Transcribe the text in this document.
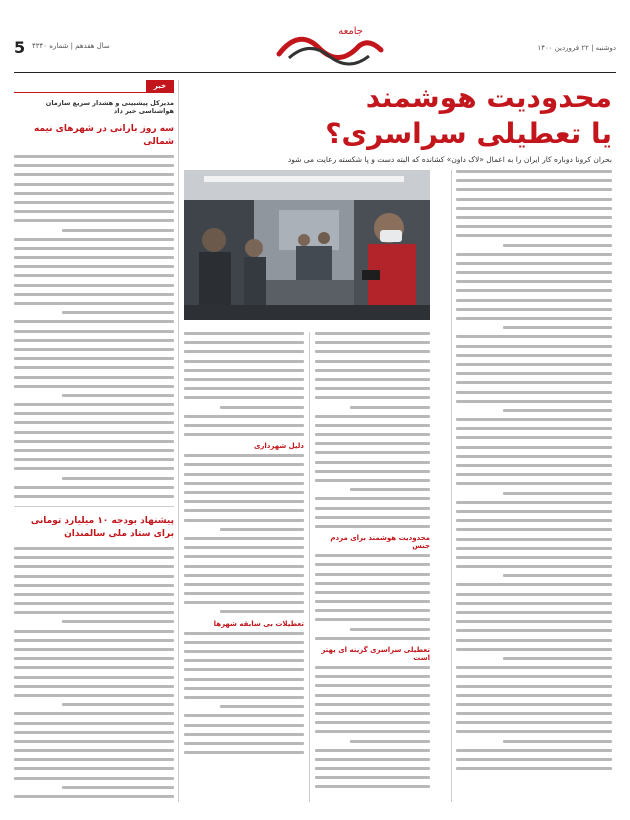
5 سال هفدهم | شماره ۴۳۴۰
جامعه
دوشنبه | ۲۲ فروردین ۱۴۰۰
محدودیت هوشمند
یا تعطیلی سراسری؟
بحران کرونا دوباره کار ایران را به اعمال «لاک داون» کشانده که البته دست و پا شکسته رعایت می شود
محدودیت هوشمند برای مردم جنس
تعطیلی سراسری گزینه ای بهتر است
دلیل شهرداری
تعطیلات بی سابقه شهرها
خبر
مدیرکل پیشبینی و هشدار سریع سازمان هواشناسی خبر داد
سه روز بارانی در شهرهای نیمه شمالی
پیشنهاد بودجه ۱۰ میلیارد تومانی برای ستاد ملی سالمندان
